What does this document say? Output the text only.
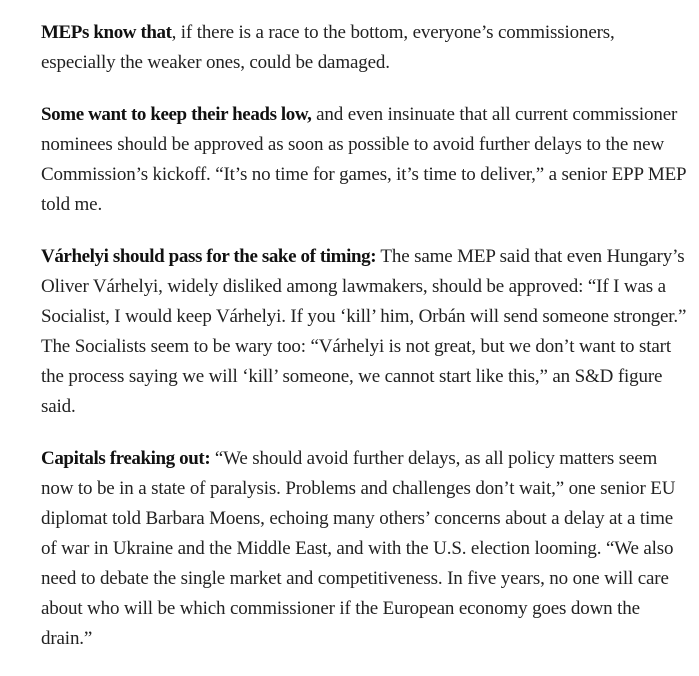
MEPs know that, if there is a race to the bottom, everyone’s commissioners, especially the weaker ones, could be damaged.

Some want to keep their heads low, and even insinuate that all current commissioner nominees should be approved as soon as possible to avoid further delays to the new Commission’s kickoff. “It’s no time for games, it’s time to deliver,” a senior EPP MEP told me.

Várhelyi should pass for the sake of timing: The same MEP said that even Hungary’s Oliver Várhelyi, widely disliked among lawmakers, should be approved: “If I was a Socialist, I would keep Várhelyi. If you ‘kill’ him, Orbán will send someone stronger.” The Socialists seem to be wary too: “Várhelyi is not great, but we don’t want to start the process saying we will ‘kill’ someone, we cannot start like this,” an S&D figure said.

Capitals freaking out: “We should avoid further delays, as all policy matters seem now to be in a state of paralysis. Problems and challenges don’t wait,” one senior EU diplomat told Barbara Moens, echoing many others’ concerns about a delay at a time of war in Ukraine and the Middle East, and with the U.S. election looming. “We also need to debate the single market and competitiveness. In five years, no one will care about who will be which commissioner if the European economy goes down the drain.”
